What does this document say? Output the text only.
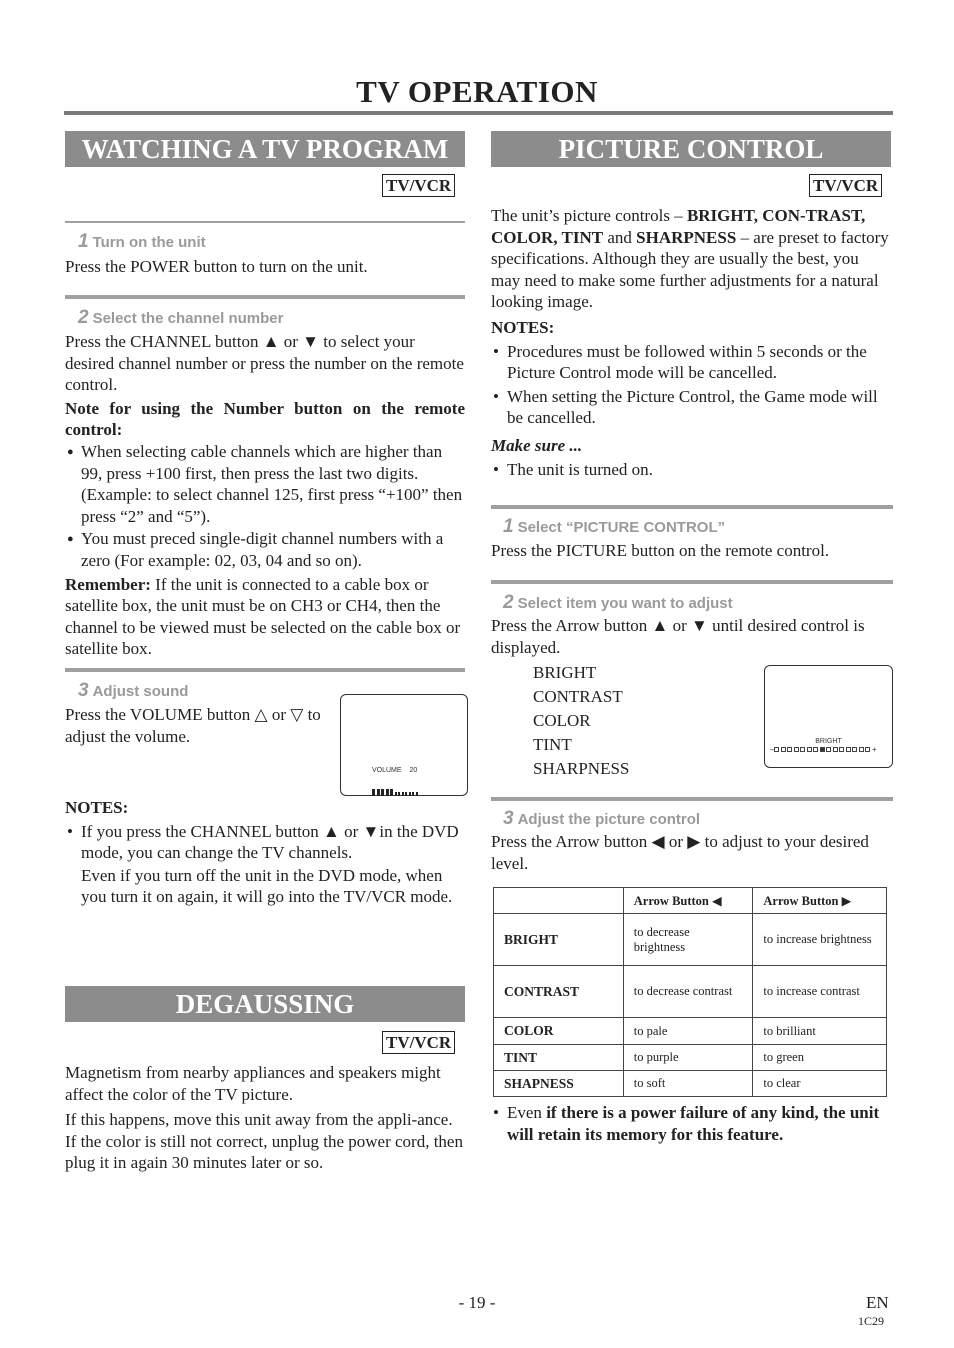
TV OPERATION
WATCHING A TV PROGRAM
TV/VCR
1 Turn on the unit
Press the POWER button to turn on the unit.
2 Select the channel number

Press the CHANNEL button ▲ or ▼ to select your desired channel number or press the number on the remote control.

Note for using the Number button on the remote control:

● When selecting cable channels which are higher than 99, press +100 first, then press the last two digits. (Example: to select channel 125, first press “+100” then press “2” and “5”).

● You must preced single-digit channel numbers with a zero (For example: 02, 03, 04 and so on).

Remember: If the unit is connected to a cable box or satellite box, the unit must be on CH3 or CH4, then the channel to be viewed must be selected on the cable box or satellite box.

3 Adjust sound
Press the VOLUME button △ or ▽ to adjust the volume.
VOLUME 20

NOTES:

• If you press the CHANNEL button ▲ or ▼in the DVD mode, you can change the TV channels.

Even if you turn off the unit in the DVD mode, when you turn it on again, it will go into the TV/VCR mode.

DEGAUSSING
TV/VCR

Magnetism from nearby appliances and speakers might affect the color of the TV picture.

If this happens, move this unit away from the appli-ance. If the color is still not correct, unplug the power cord, then plug it in again 30 minutes later or so.

PICTURE CONTROL
TV/VCR

The unit’s picture controls – BRIGHT, CON-TRAST, COLOR, TINT and SHARPNESS – are preset to factory specifications. Although they are usually the best, you may need to make some further adjustments for a natural looking image.

NOTES:

• Procedures must be followed within 5 seconds or the Picture Control mode will be cancelled.

• When setting the Picture Control, the Game mode will be cancelled.

Make sure ...

• The unit is turned on.

1 Select “PICTURE CONTROL”
Press the PICTURE button on the remote control.
2 Select item you want to adjust
Press the Arrow button ▲ or ▼ until desired control is displayed.

BRIGHT

CONTRAST

COLOR

TINT

SHARPNESS

BRIGHT
–	+
3 Adjust the picture control
Press the Arrow button ◀ or ▶ to adjust to your desired level.
	Arrow Button ◀	Arrow Button ▶
BRIGHT	to decrease brightness	to increase brightness
CONTRAST	to decrease contrast	to increase contrast
COLOR	to pale	to brilliant
TINT	to purple	to green
SHAPNESS	to soft	to clear

• Even if there is a power failure of any kind, the unit will retain its memory for this feature.

- 19 -	EN
1C29
